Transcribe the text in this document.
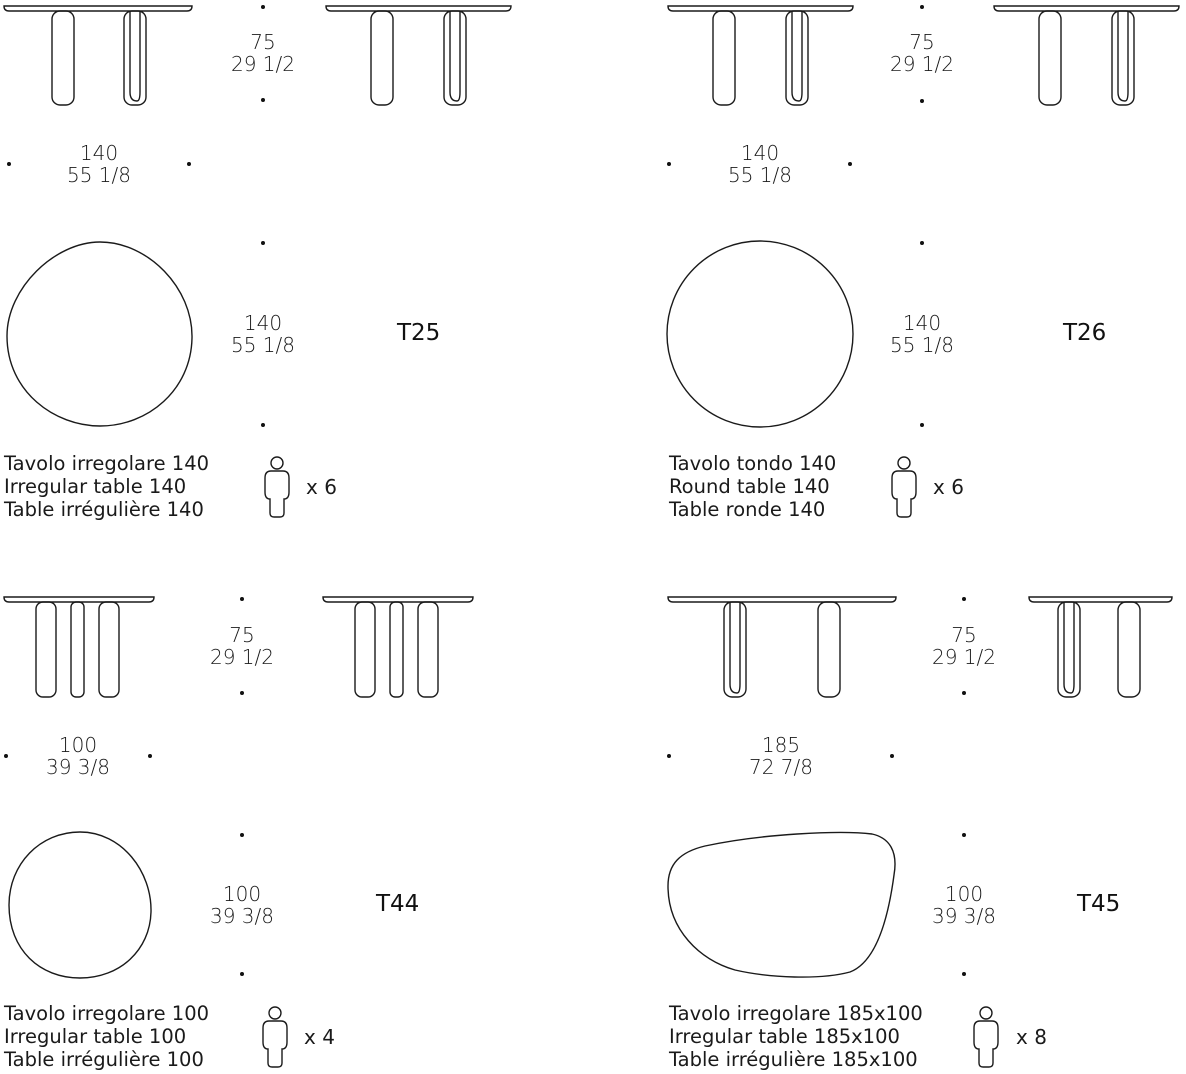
75
29 1/2
140
55 1/8
140
55 1/8	T25
Tavolo irregolare 140
Irregular table 140
Table irrégulière 140
x 6
75
29 1/2
140
55 1/8
140
55 1/8	T26
Tavolo tondo 140
Round table 140
Table ronde 140
x 6
75
29 1/2
100
39 3/8
100
39 3/8	T44
Tavolo irregolare 100
Irregular table 100
Table irrégulière 100
x 4
75
29 1/2
185
72 7/8
100
39 3/8	T45
Tavolo irregolare 185x100
Irregular table 185x100
Table irrégulière 185x100
x 8
